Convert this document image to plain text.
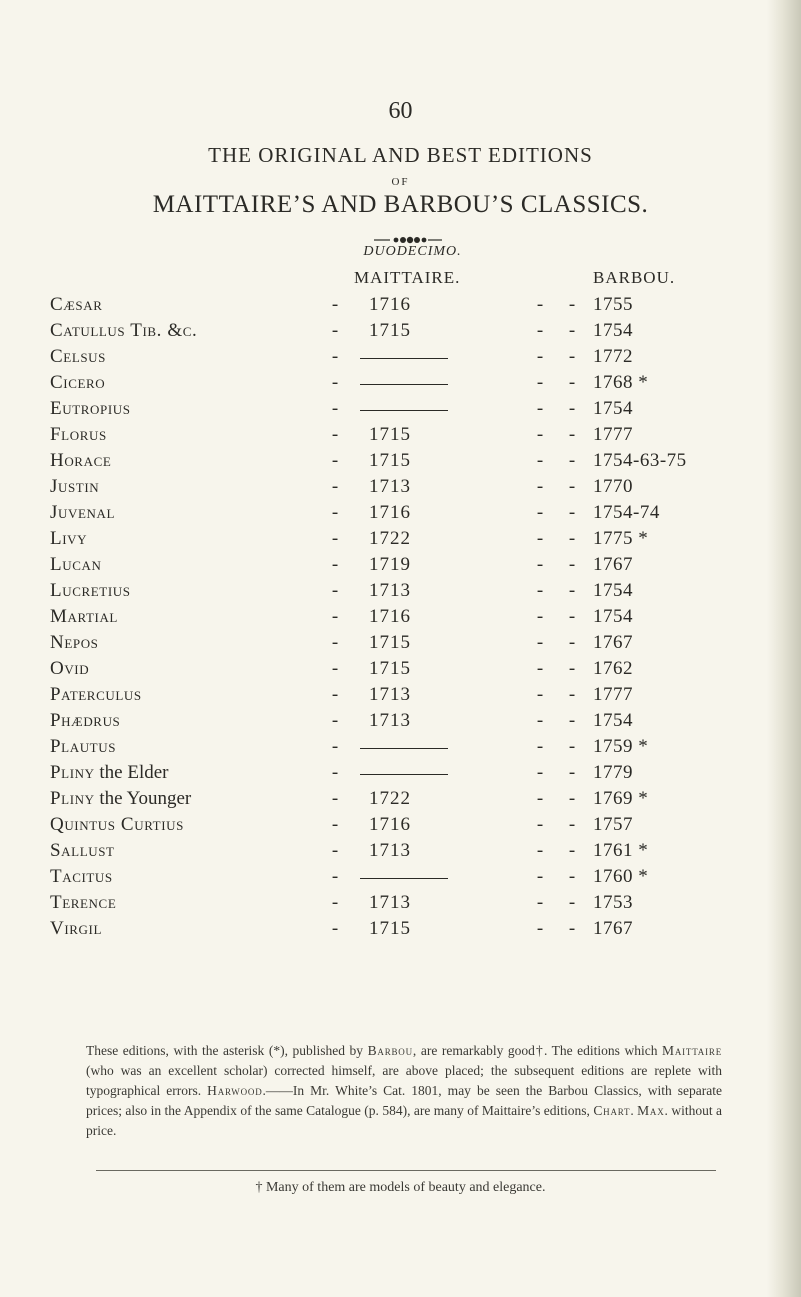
60
THE ORIGINAL AND BEST EDITIONS
OF
MAITTAIRE’S AND BARBOU’S CLASSICS.
DUODECIMO.
MAITTAIRE.	BARBOU.
Cæsar	- 1716	- - 1755
Catullus Tib. &c.	- 1715	- - 1754
Celsus	-	- - 1772
Cicero	-	- - 1768 *
Eutropius	-	- - 1754
Florus	- 1715	- - 1777
Horace	- 1715	- - 1754-63-75
Justin	- 1713	- - 1770
Juvenal	- 1716	- - 1754-74
Livy	- 1722	- - 1775 *
Lucan	- 1719	- - 1767
Lucretius	- 1713	- - 1754
Martial	- 1716	- - 1754
Nepos	- 1715	- - 1767
Ovid	- 1715	- - 1762
Paterculus	- 1713	- - 1777
Phædrus	- 1713	- - 1754
Plautus	-	- - 1759 *
Pliny the Elder	-	- - 1779
Pliny the Younger	- 1722	- - 1769 *
Quintus Curtius	- 1716	- - 1757
Sallust	- 1713	- - 1761 *
Tacitus	-	- - 1760 *
Terence	- 1713	- - 1753
Virgil	- 1715	- - 1767
These editions, with the asterisk (*), published by Barbou, are remarkably good†. The editions which Maittaire (who was an excellent scholar) corrected himself, are above placed; the subsequent editions are replete with typographical errors. Harwood.——In Mr. White’s Cat. 1801, may be seen the Barbou Classics, with separate prices; also in the Appendix of the same Catalogue (p. 584), are many of Maittaire’s editions, Chart. Max. without a price.
† Many of them are models of beauty and elegance.
